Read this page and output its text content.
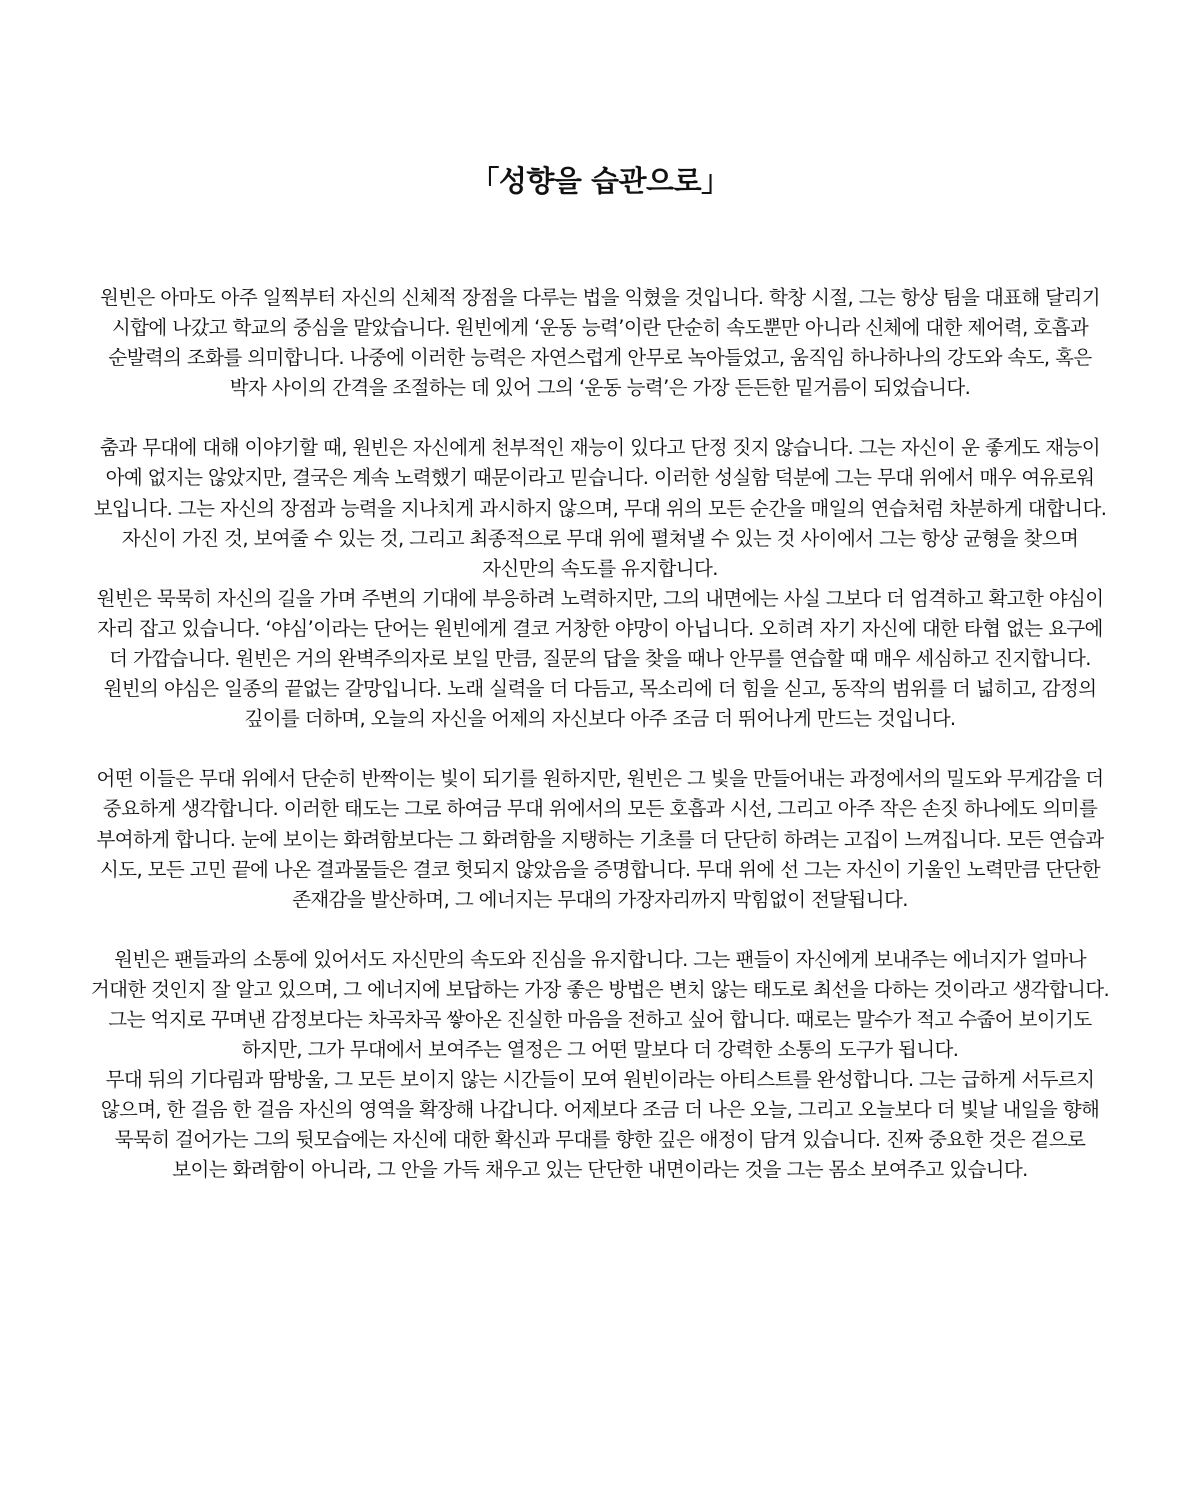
「성향을 습관으로」

원빈은 아마도 아주 일찍부터 자신의 신체적 장점을 다루는 법을 익혔을 것입니다. 학창 시절, 그는 항상 팀을 대표해 달리기 시합에 나갔고 학교의 중심을 맡았습니다. 원빈에게 ‘운동 능력’이란 단순히 속도뿐만 아니라 신체에 대한 제어력, 호흡과 순발력의 조화를 의미합니다. 나중에 이러한 능력은 자연스럽게 안무로 녹아들었고, 움직임 하나하나의 강도와 속도, 혹은 박자 사이의 간격을 조절하는 데 있어 그의 ‘운동 능력’은 가장 든든한 밑거름이 되었습니다.

춤과 무대에 대해 이야기할 때, 원빈은 자신에게 천부적인 재능이 있다고 단정 짓지 않습니다. 그는 자신이 운 좋게도 재능이 아예 없지는 않았지만, 결국은 계속 노력했기 때문이라고 믿습니다. 이러한 성실함 덕분에 그는 무대 위에서 매우 여유로워 보입니다. 그는 자신의 장점과 능력을 지나치게 과시하지 않으며, 무대 위의 모든 순간을 매일의 연습처럼 차분하게 대합니다. 자신이 가진 것, 보여줄 수 있는 것, 그리고 최종적으로 무대 위에 펼쳐낼 수 있는 것 사이에서 그는 항상 균형을 찾으며 자신만의 속도를 유지합니다.

원빈은 묵묵히 자신의 길을 가며 주변의 기대에 부응하려 노력하지만, 그의 내면에는 사실 그보다 더 엄격하고 확고한 야심이 자리 잡고 있습니다. ‘야심’이라는 단어는 원빈에게 결코 거창한 야망이 아닙니다. 오히려 자기 자신에 대한 타협 없는 요구에 더 가깝습니다. 원빈은 거의 완벽주의자로 보일 만큼, 질문의 답을 찾을 때나 안무를 연습할 때 매우 세심하고 진지합니다. 원빈의 야심은 일종의 끝없는 갈망입니다. 노래 실력을 더 다듬고, 목소리에 더 힘을 싣고, 동작의 범위를 더 넓히고, 감정의 깊이를 더하며, 오늘의 자신을 어제의 자신보다 아주 조금 더 뛰어나게 만드는 것입니다.

어떤 이들은 무대 위에서 단순히 반짝이는 빛이 되기를 원하지만, 원빈은 그 빛을 만들어내는 과정에서의 밀도와 무게감을 더 중요하게 생각합니다. 이러한 태도는 그로 하여금 무대 위에서의 모든 호흡과 시선, 그리고 아주 작은 손짓 하나에도 의미를 부여하게 합니다. 눈에 보이는 화려함보다는 그 화려함을 지탱하는 기초를 더 단단히 하려는 고집이 느껴집니다. 모든 연습과 시도, 모든 고민 끝에 나온 결과물들은 결코 헛되지 않았음을 증명합니다. 무대 위에 선 그는 자신이 기울인 노력만큼 단단한 존재감을 발산하며, 그 에너지는 무대의 가장자리까지 막힘없이 전달됩니다.

원빈은 팬들과의 소통에 있어서도 자신만의 속도와 진심을 유지합니다. 그는 팬들이 자신에게 보내주는 에너지가 얼마나 거대한 것인지 잘 알고 있으며, 그 에너지에 보답하는 가장 좋은 방법은 변치 않는 태도로 최선을 다하는 것이라고 생각합니다. 그는 억지로 꾸며낸 감정보다는 차곡차곡 쌓아온 진실한 마음을 전하고 싶어 합니다. 때로는 말수가 적고 수줍어 보이기도 하지만, 그가 무대에서 보여주는 열정은 그 어떤 말보다 더 강력한 소통의 도구가 됩니다.

무대 뒤의 기다림과 땀방울, 그 모든 보이지 않는 시간들이 모여 원빈이라는 아티스트를 완성합니다. 그는 급하게 서두르지 않으며, 한 걸음 한 걸음 자신의 영역을 확장해 나갑니다. 어제보다 조금 더 나은 오늘, 그리고 오늘보다 더 빛날 내일을 향해 묵묵히 걸어가는 그의 뒷모습에는 자신에 대한 확신과 무대를 향한 깊은 애정이 담겨 있습니다. 진짜 중요한 것은 겉으로 보이는 화려함이 아니라, 그 안을 가득 채우고 있는 단단한 내면이라는 것을 그는 몸소 보여주고 있습니다.
